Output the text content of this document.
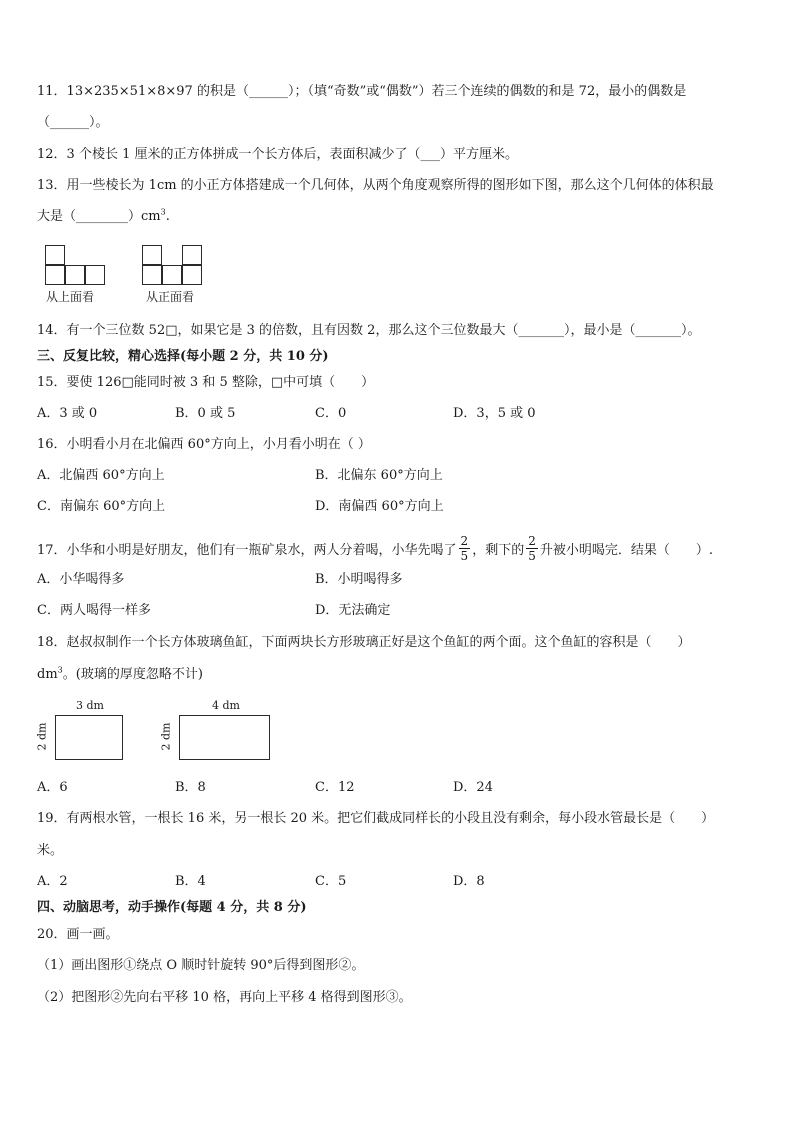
11．13×235×51×8×97 的积是（______）；（填“奇数”或“偶数”）若三个连续的偶数的和是 72，最小的偶数是
（______）。
12．3 个棱长 1 厘米的正方体拼成一个长方体后，表面积减少了（___）平方厘米。
13．用一些棱长为 1cm 的小正方体搭建成一个几何体，从两个角度观察所得的图形如下图，那么这个几何体的体积最
大是$(\_\_\_\_\_\_\_\_)cm^3$.
从上面看	从正面看
14．有一个三位数 52□，如果它是 3 的倍数，且有因数 2，那么这个三位数最大（_______），最小是（_______）。
三、反复比较，精心选择(每小题 2 分，共 10 分)
15．要使 126□能同时被 3 和 5 整除，□中可填（　　）
A．3 或 0	B．0 或 5	C．0	D．3，5 或 0
16．小明看小月在北偏西 60°方向上，小月看小明在（ ）
A．北偏西 60°方向上	B．北偏东 60°方向上
C．南偏东 60°方向上	D．南偏西 60°方向上
17．小华和小明是好朋友，他们有一瓶矿泉水，两人分着喝，小华先喝了 $\frac{2}{5}$ ，剩下的 $\frac{2}{5}$ 升被小明喝完．结果（　　）.
A．小华喝得多	B．小明喝得多
C．两人喝得一样多	D．无法确定
18．赵叔叔制作一个长方体玻璃鱼缸，下面两块长方形玻璃正好是这个鱼缸的两个面。这个鱼缸的容积是（　　）
$dm^3$。(玻璃的厚度忽略不计)
3 dm
2 dm
4 dm
2 dm
A．6	B．8	C．12	D．24
19．有两根水管，一根长 16 米，另一根长 20 米。把它们截成同样长的小段且没有剩余，每小段水管最长是（　　）
米。
A．2	B．4	C．5	D．8
四、动脑思考，动手操作(每题 4 分，共 8 分)
20．画一画。
（1）画出图形①绕点 O 顺时针旋转 90°后得到图形②。
（2）把图形②先向右平移 10 格，再向上平移 4 格得到图形③。
